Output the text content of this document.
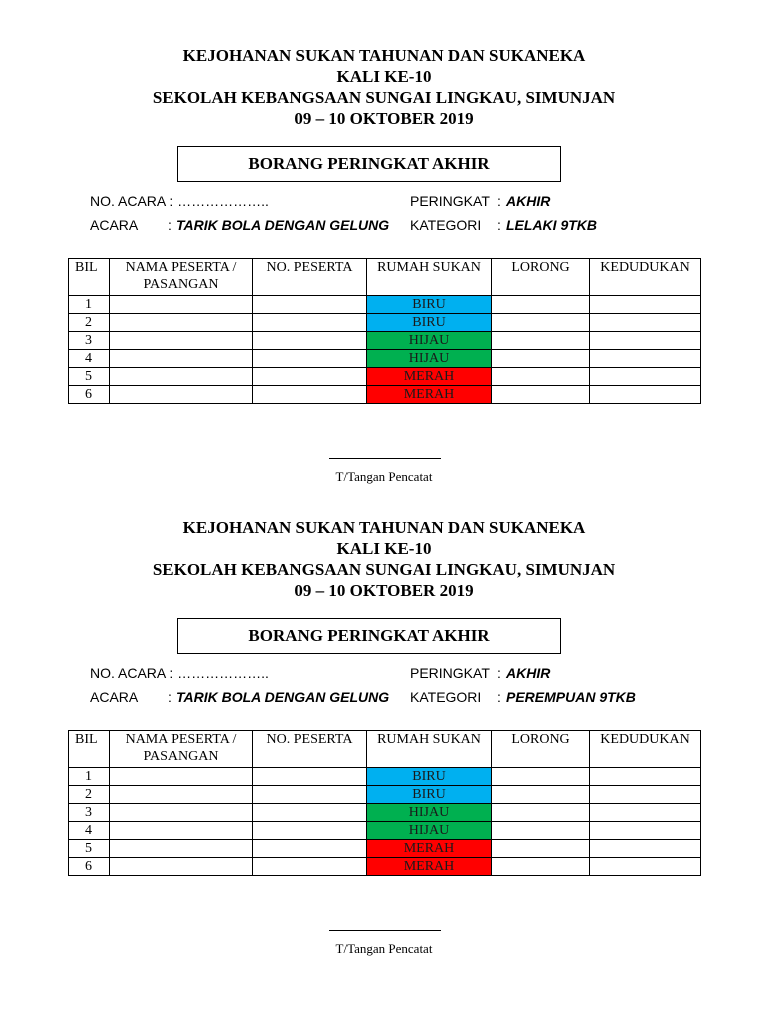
KEJOHANAN SUKAN TAHUNAN DAN SUKANEKA
KALI KE-10
SEKOLAH KEBANGSAAN SUNGAI LINGKAU, SIMUNJAN
09 – 10 OKTOBER 2019
BORANG PERINGKAT AKHIR
NO. ACARA : ………………..	PERINGKAT : AKHIR
ACARA : TARIK BOLA DENGAN GELUNG KATEGORI : LELAKI 9TKB
BIL	NAMA PESERTA / PASANGAN	NO. PESERTA	RUMAH SUKAN	LORONG	KEDUDUKAN
1			BIRU		
2			BIRU		
3			HIJAU		
4			HIJAU		
5			MERAH		
6			MERAH		
T/Tangan Pencatat
KEJOHANAN SUKAN TAHUNAN DAN SUKANEKA
KALI KE-10
SEKOLAH KEBANGSAAN SUNGAI LINGKAU, SIMUNJAN
09 – 10 OKTOBER 2019
BORANG PERINGKAT AKHIR
NO. ACARA : ………………..	PERINGKAT : AKHIR
ACARA : TARIK BOLA DENGAN GELUNG KATEGORI : PEREMPUAN 9TKB
BIL	NAMA PESERTA / PASANGAN	NO. PESERTA	RUMAH SUKAN	LORONG	KEDUDUKAN
1			BIRU		
2			BIRU		
3			HIJAU		
4			HIJAU		
5			MERAH		
6			MERAH		
T/Tangan Pencatat
